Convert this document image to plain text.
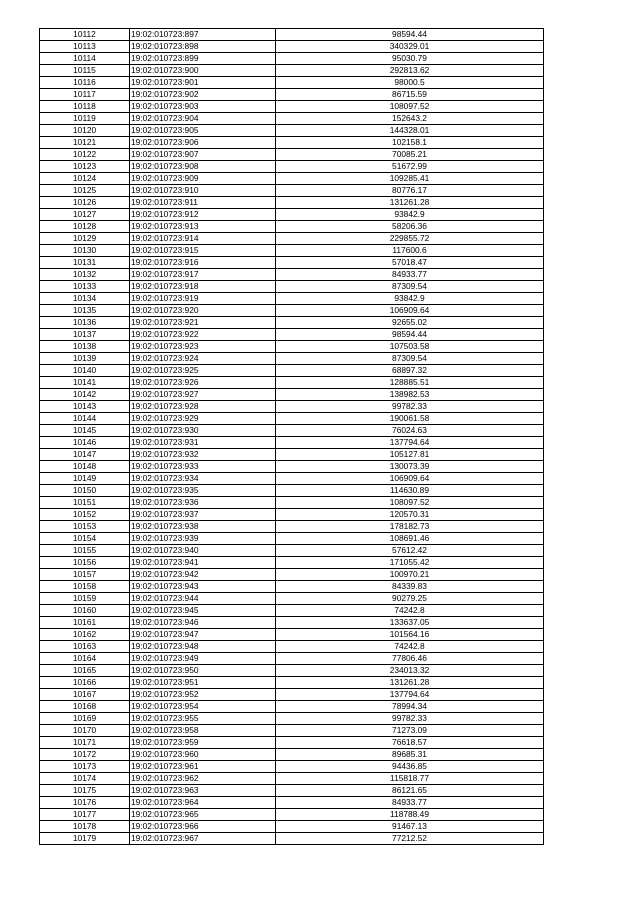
10112	19:02:010723:897	98594.44
10113	19:02:010723:898	340329.01
10114	19:02:010723:899	95030.79
10115	19:02:010723:900	292813.62
10116	19:02:010723:901	98000.5
10117	19:02:010723:902	86715.59
10118	19:02:010723:903	108097.52
10119	19:02:010723:904	152643.2
10120	19:02:010723:905	144328.01
10121	19:02:010723:906	102158.1
10122	19:02:010723:907	70085.21
10123	19:02:010723:908	51672.99
10124	19:02:010723:909	109285.41
10125	19:02:010723:910	80776.17
10126	19:02:010723:911	131261.28
10127	19:02:010723:912	93842.9
10128	19:02:010723:913	58206.36
10129	19:02:010723:914	229855.72
10130	19:02:010723:915	117600.6
10131	19:02:010723:916	57018.47
10132	19:02:010723:917	84933.77
10133	19:02:010723:918	87309.54
10134	19:02:010723:919	93842.9
10135	19:02:010723:920	106909.64
10136	19:02:010723:921	92655.02
10137	19:02:010723:922	98594.44
10138	19:02:010723:923	107503.58
10139	19:02:010723:924	87309.54
10140	19:02:010723:925	68897.32
10141	19:02:010723:926	128885.51
10142	19:02:010723:927	138982.53
10143	19:02:010723:928	99782.33
10144	19:02:010723:929	190061.58
10145	19:02:010723:930	76024.63
10146	19:02:010723:931	137794.64
10147	19:02:010723:932	105127.81
10148	19:02:010723:933	130073.39
10149	19:02:010723:934	106909.64
10150	19:02:010723:935	114630.89
10151	19:02:010723:936	108097.52
10152	19:02:010723:937	120570.31
10153	19:02:010723:938	178182.73
10154	19:02:010723:939	108691.46
10155	19:02:010723:940	57612.42
10156	19:02:010723:941	171055.42
10157	19:02:010723:942	100970.21
10158	19:02:010723:943	84339.83
10159	19:02:010723:944	90279.25
10160	19:02:010723:945	74242.8
10161	19:02:010723:946	133637.05
10162	19:02:010723:947	101564.16
10163	19:02:010723:948	74242.8
10164	19:02:010723:949	77806.46
10165	19:02:010723:950	234013.32
10166	19:02:010723:951	131261.28
10167	19:02:010723:952	137794.64
10168	19:02:010723:954	78994.34
10169	19:02:010723:955	99782.33
10170	19:02:010723:958	71273.09
10171	19:02:010723:959	76618.57
10172	19:02:010723:960	89685.31
10173	19:02:010723:961	94436.85
10174	19:02:010723:962	115818.77
10175	19:02:010723:963	86121.65
10176	19:02:010723:964	84933.77
10177	19:02:010723:965	118788.49
10178	19:02:010723:966	91467.13
10179	19:02:010723:967	77212.52
